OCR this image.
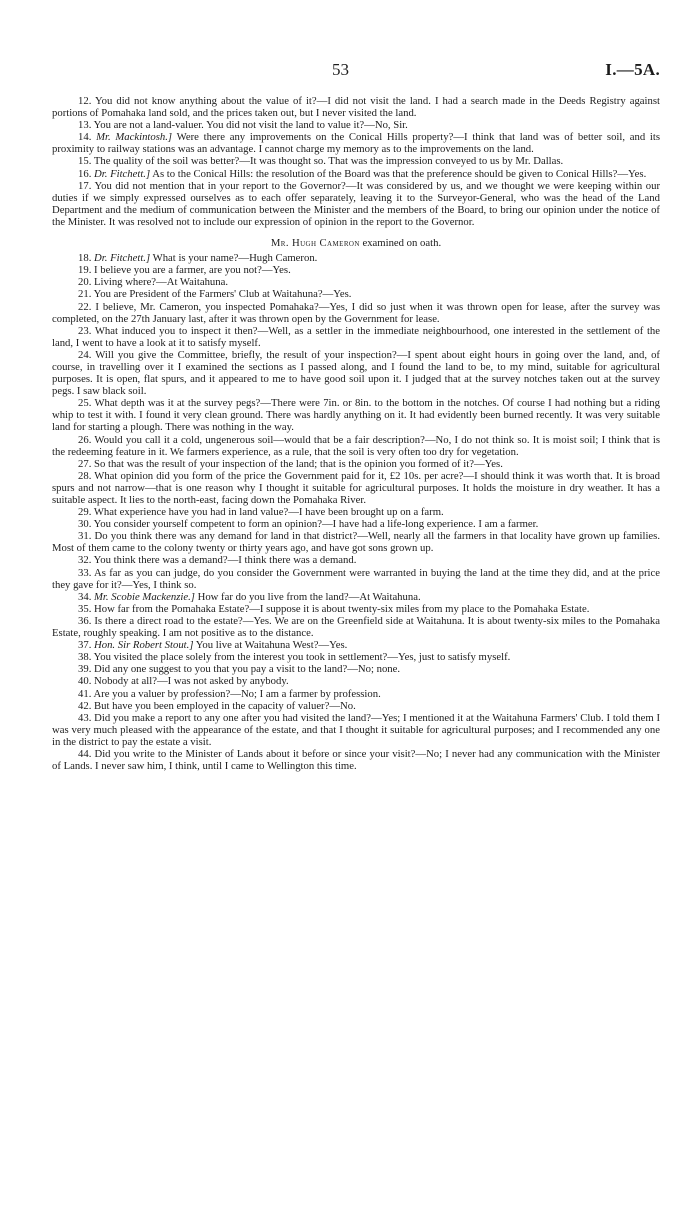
53	I.—5A.

12. You did not know anything about the value of it?—I did not visit the land. I had a search made in the Deeds Registry against portions of Pomahaka land sold, and the prices taken out, but I never visited the land.

13. You are not a land-valuer. You did not visit the land to value it?—No, Sir.

14. Mr. Mackintosh.] Were there any improvements on the Conical Hills property?—I think that land was of better soil, and its proximity to railway stations was an advantage. I cannot charge my memory as to the improvements on the land.

15. The quality of the soil was better?—It was thought so. That was the impression conveyed to us by Mr. Dallas.

16. Dr. Fitchett.] As to the Conical Hills: the resolution of the Board was that the preference should be given to Conical Hills?—Yes.

17. You did not mention that in your report to the Governor?—It was considered by us, and we thought we were keeping within our duties if we simply expressed ourselves as to each offer separately, leaving it to the Surveyor-General, who was the head of the Land Department and the medium of communication between the Minister and the members of the Board, to bring our opinion under the notice of the Minister. It was resolved not to include our expression of opinion in the report to the Governor.

Mr. Hugh Cameron examined on oath.

18. Dr. Fitchett.] What is your name?—Hugh Cameron.

19. I believe you are a farmer, are you not?—Yes.

20. Living where?—At Waitahuna.

21. You are President of the Farmers' Club at Waitahuna?—Yes.

22. I believe, Mr. Cameron, you inspected Pomahaka?—Yes, I did so just when it was thrown open for lease, after the survey was completed, on the 27th January last, after it was thrown open by the Government for lease.

23. What induced you to inspect it then?—Well, as a settler in the immediate neighbourhood, one interested in the settlement of the land, I went to have a look at it to satisfy myself.

24. Will you give the Committee, briefly, the result of your inspection?—I spent about eight hours in going over the land, and, of course, in travelling over it I examined the sections as I passed along, and I found the land to be, to my mind, suitable for agricultural purposes. It is open, flat spurs, and it appeared to me to have good soil upon it. I judged that at the survey notches taken out at the survey pegs. I saw black soil.

25. What depth was it at the survey pegs?—There were 7in. or 8in. to the bottom in the notches. Of course I had nothing but a riding whip to test it with. I found it very clean ground. There was hardly anything on it. It had evidently been burned recently. It was very suitable land for starting a plough. There was nothing in the way.

26. Would you call it a cold, ungenerous soil—would that be a fair description?—No, I do not think so. It is moist soil; I think that is the redeeming feature in it. We farmers experience, as a rule, that the soil is very often too dry for vegetation.

27. So that was the result of your inspection of the land; that is the opinion you formed of it?—Yes.

28. What opinion did you form of the price the Government paid for it, £2 10s. per acre?—I should think it was worth that. It is broad spurs and not narrow—that is one reason why I thought it suitable for agricultural purposes. It holds the moisture in dry weather. It has a suitable aspect. It lies to the north-east, facing down the Pomahaka River.

29. What experience have you had in land value?—I have been brought up on a farm.

30. You consider yourself competent to form an opinion?—I have had a life-long experience. I am a farmer.

31. Do you think there was any demand for land in that district?—Well, nearly all the farmers in that locality have grown up families. Most of them came to the colony twenty or thirty years ago, and have got sons grown up.

32. You think there was a demand?—I think there was a demand.

33. As far as you can judge, do you consider the Government were warranted in buying the land at the time they did, and at the price they gave for it?—Yes, I think so.

34. Mr. Scobie Mackenzie.] How far do you live from the land?—At Waitahuna.

35. How far from the Pomahaka Estate?—I suppose it is about twenty-six miles from my place to the Pomahaka Estate.

36. Is there a direct road to the estate?—Yes. We are on the Greenfield side at Waitahuna. It is about twenty-six miles to the Pomahaka Estate, roughly speaking. I am not positive as to the distance.

37. Hon. Sir Robert Stout.] You live at Waitahuna West?—Yes.

38. You visited the place solely from the interest you took in settlement?—Yes, just to satisfy myself.

39. Did any one suggest to you that you pay a visit to the land?—No; none.

40. Nobody at all?—I was not asked by anybody.

41. Are you a valuer by profession?—No; I am a farmer by profession.

42. But have you been employed in the capacity of valuer?—No.

43. Did you make a report to any one after you had visited the land?—Yes; I mentioned it at the Waitahuna Farmers' Club. I told them I was very much pleased with the appearance of the estate, and that I thought it suitable for agricultural purposes; and I recommended any one in the district to pay the estate a visit.

44. Did you write to the Minister of Lands about it before or since your visit?—No; I never had any communication with the Minister of Lands. I never saw him, I think, until I came to Wellington this time.
